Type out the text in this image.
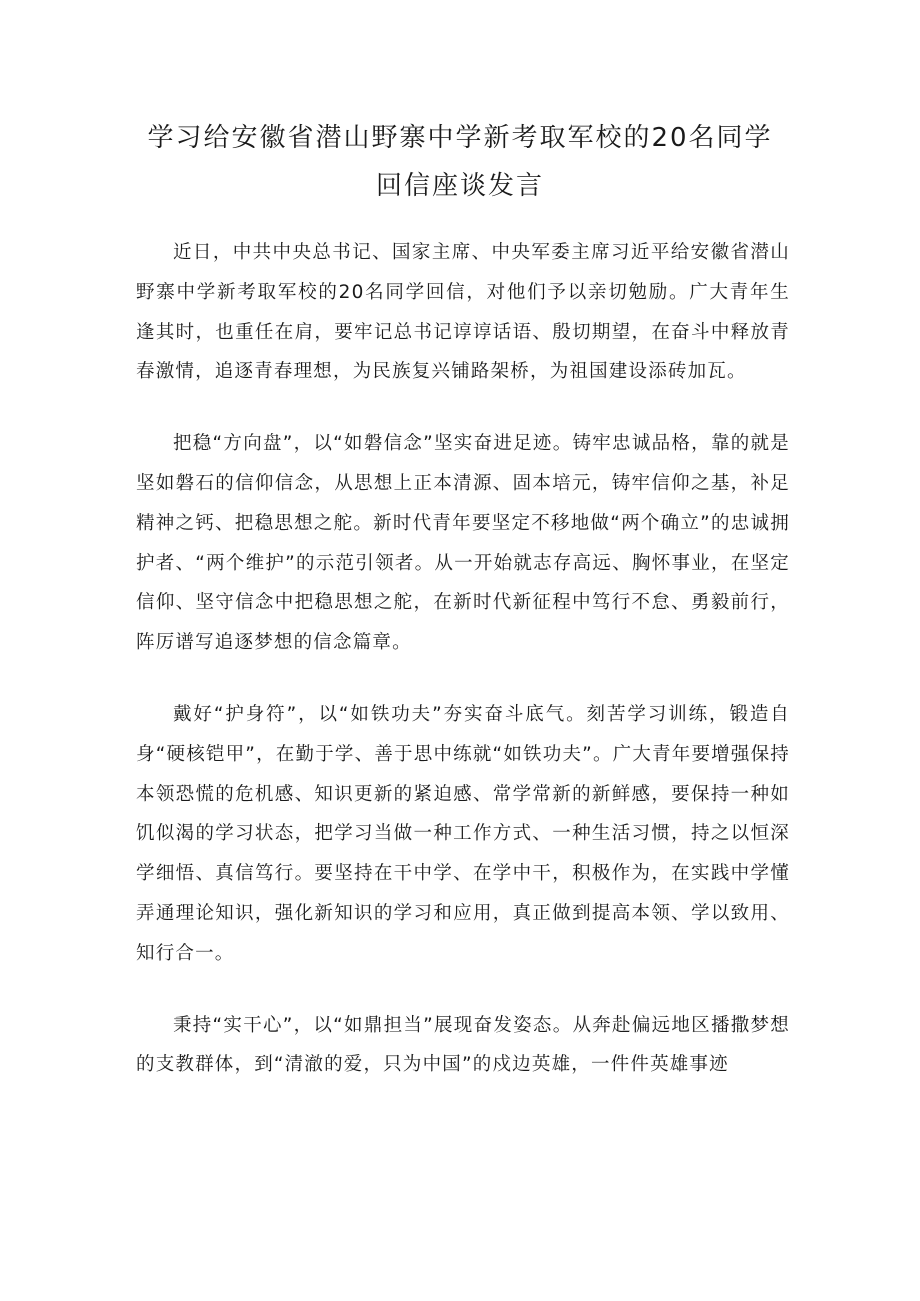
学习给安徽省潜山野寨中学新考取军校的20名同学
回信座谈发言

近日，中共中央总书记、国家主席、中央军委主席习近平给安徽省潜山野寨中学新考取军校的20名同学回信，对他们予以亲切勉励。广大青年生逢其时，也重任在肩，要牢记总书记谆谆话语、殷切期望，在奋斗中释放青春激情，追逐青春理想，为民族复兴铺路架桥，为祖国建设添砖加瓦。

把稳“方向盘”，以“如磐信念”坚实奋进足迹。铸牢忠诚品格，靠的就是坚如磐石的信仰信念，从思想上正本清源、固本培元，铸牢信仰之基，补足精神之钙、把稳思想之舵。新时代青年要坚定不移地做“两个确立”的忠诚拥护者、“两个维护”的示范引领者。从一开始就志存高远、胸怀事业，在坚定信仰、坚守信念中把稳思想之舵，在新时代新征程中笃行不怠、勇毅前行，阵厉谱写追逐梦想的信念篇章。

戴好“护身符”，以“如铁功夫”夯实奋斗底气。刻苦学习训练，锻造自身“硬核铠甲”，在勤于学、善于思中练就“如铁功夫”。广大青年要增强保持本领恐慌的危机感、知识更新的紧迫感、常学常新的新鲜感，要保持一种如饥似渴的学习状态，把学习当做一种工作方式、一种生活习惯，持之以恒深学细悟、真信笃行。要坚持在干中学、在学中干，积极作为，在实践中学懂弄通理论知识，强化新知识的学习和应用，真正做到提高本领、学以致用、知行合一。

秉持“实干心”，以“如鼎担当”展现奋发姿态。从奔赴偏远地区播撒梦想的支教群体，到“清澈的爱，只为中国”的戍边英雄，一件件英雄事迹
